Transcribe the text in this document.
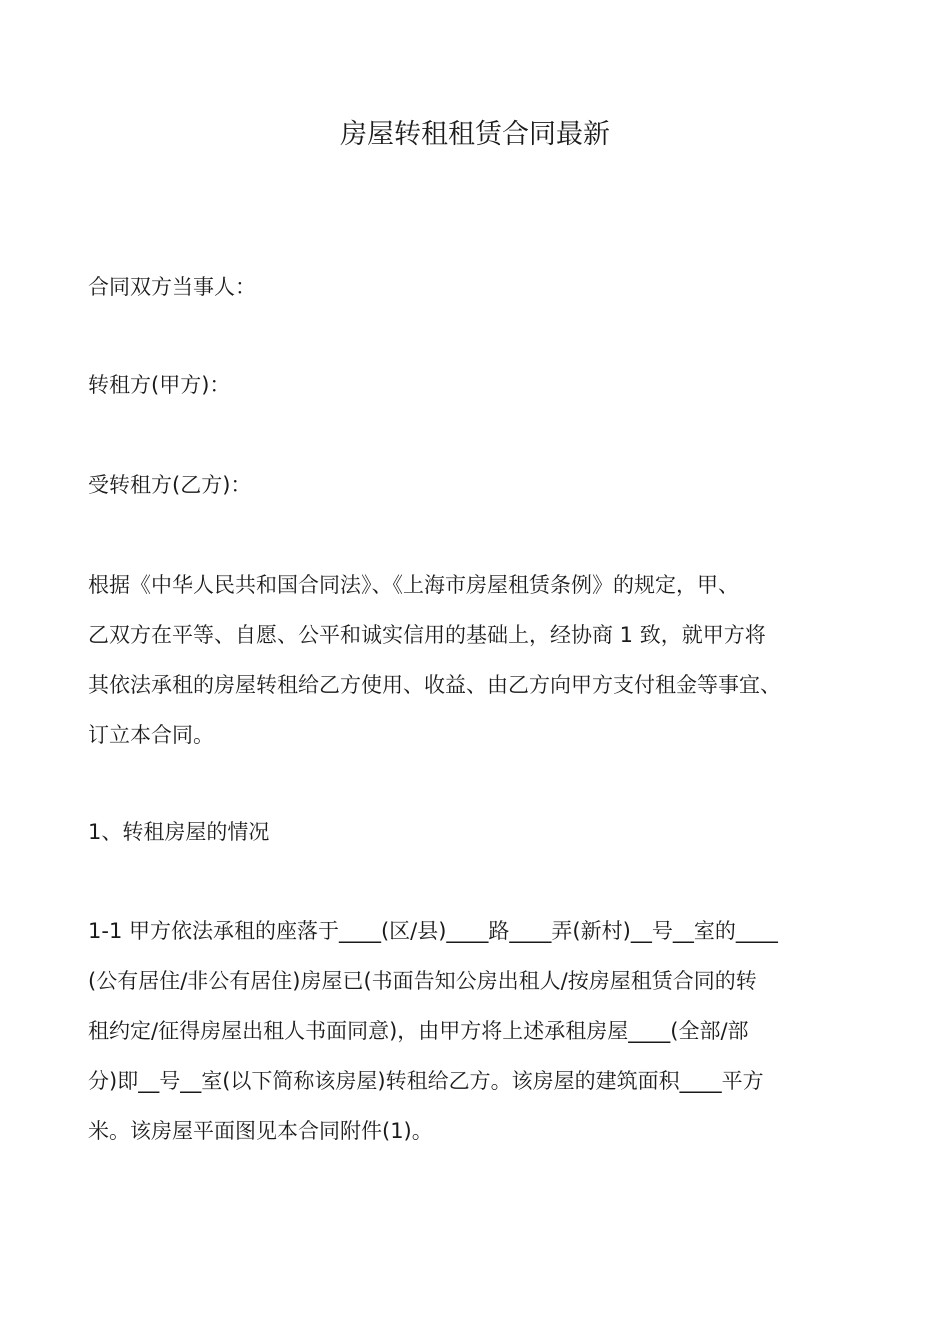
房屋转租租赁合同最新

合同双方当事人：

转租方(甲方)：

受转租方(乙方)：

根据《中华人民共和国合同法》、《上海市房屋租赁条例》的规定，甲、
乙双方在平等、自愿、公平和诚实信用的基础上，经协商 1 致，就甲方将
其依法承租的房屋转租给乙方使用、收益、由乙方向甲方支付租金等事宜、
订立本合同。

1、转租房屋的情况

1-1 甲方依法承租的座落于____(区/县)____路____弄(新村)__号__室的____
(公有居住/非公有居住)房屋已(书面告知公房出租人/按房屋租赁合同的转
租约定/征得房屋出租人书面同意)，由甲方将上述承租房屋____(全部/部
分)即__号__室(以下简称该房屋)转租给乙方。该房屋的建筑面积____平方
米。该房屋平面图见本合同附件(1)。
